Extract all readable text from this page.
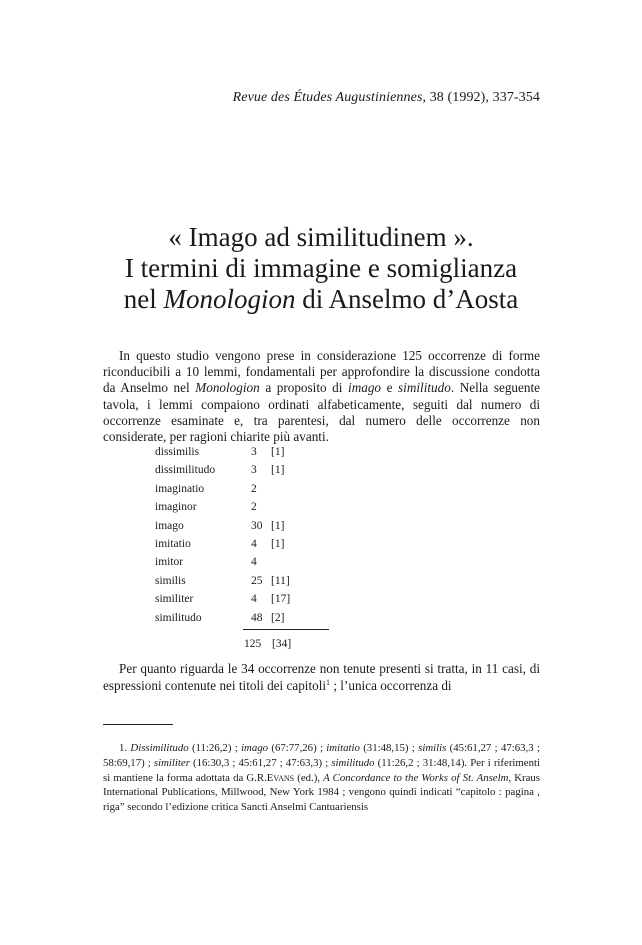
Revue des Études Augustiniennes, 38 (1992), 337-354
« Imago ad similitudinem ».
I termini di immagine e somiglianza
nel Monologion di Anselmo d’Aosta

In questo studio vengono prese in considerazione 125 occorrenze di forme riconducibili a 10 lemmi, fondamentali per approfondire la discussione condotta da Anselmo nel Monologion a proposito di imago e similitudo. Nella seguente tavola, i lemmi compaiono ordinati alfabeticamente, seguiti dal numero di occorrenze esaminate e, tra parentesi, dal numero delle occorrenze non considerate, per ragioni chiarite più avanti.

dissimilis	3 [1]
dissimilitudo	3 [1]
imaginatio	2
imaginor	2
imago	30 [1]
imitatio	4 [1]
imitor	4
similis	25 [11]
similiter	4 [17]
similitudo	48 [2]
125 [34]

Per quanto riguarda le 34 occorrenze non tenute presenti si tratta, in 11 casi, di espressioni contenute nei titoli dei capitoli$^1$ ; l’unica occorrenza di

1. Dissimilitudo (11:26,2) ; imago (67:77,26) ; imitatio (31:48,15) ; similis (45:61,27 ; 47:63,3 ; 58:69,17) ; similiter (16:30,3 ; 45:61,27 ; 47:63,3) ; similitudo (11:26,2 ; 31:48,14). Per i riferimenti si mantiene la forma adottata da G.R.Evans (ed.), A Concordance to the Works of St. Anselm, Kraus International Publications, Millwood, New York 1984 ; vengono quindi indicati “capitolo : pagina , riga” secondo l’edizione critica Sancti Anselmi Cantuariensis
